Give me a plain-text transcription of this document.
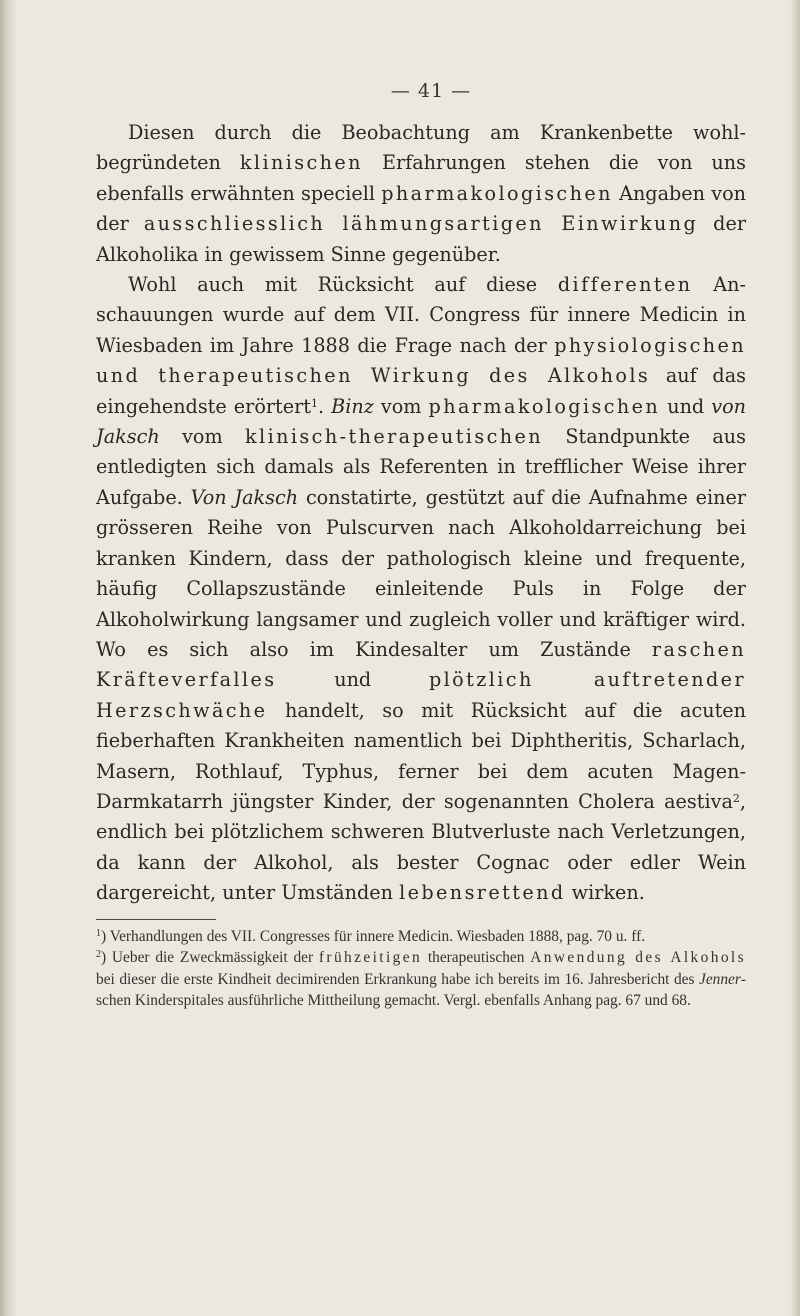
— 41 —

Diesen durch die Beobachtung am Krankenbette wohlbegründeten klinischen Erfahrungen stehen die von uns ebenfalls erwähnten speciell pharmakologischen Angaben von der ausschliesslich lähmungsartigen Einwirkung der Alkoholika in gewissem Sinne gegenüber.

Wohl auch mit Rücksicht auf diese differenten Anschauungen wurde auf dem VII. Congress für innere Medicin in Wiesbaden im Jahre 1888 die Frage nach der physiologischen und therapeutischen Wirkung des Alkohols auf das eingehendste erörtert$^1$. Binz vom pharmakologischen und von Jaksch vom klinisch-therapeutischen Standpunkte aus entledigten sich damals als Referenten in trefflicher Weise ihrer Aufgabe. Von Jaksch constatirte, gestützt auf die Aufnahme einer grösseren Reihe von Pulscurven nach Alkoholdarreichung bei kranken Kindern, dass der pathologisch kleine und frequente, häufig Collapszustände einleitende Puls in Folge der Alkoholwirkung langsamer und zugleich voller und kräftiger wird. Wo es sich also im Kindesalter um Zustände raschen Kräfteverfalles und plötzlich auftretender Herzschwäche handelt, so mit Rücksicht auf die acuten fieberhaften Krankheiten namentlich bei Diphtheritis, Scharlach, Masern, Rothlauf, Typhus, ferner bei dem acuten Magen-Darmkatarrh jüngster Kinder, der sogenannten Cholera aestiva$^2$, endlich bei plötzlichem schweren Blutverluste nach Verletzungen, da kann der Alkohol, als bester Cognac oder edler Wein dargereicht, unter Umständen lebensrettend wirken.

$^1$) Verhandlungen des VII. Congresses für innere Medicin. Wiesbaden 1888, pag. 70 u. ff.

$^2$) Ueber die Zweckmässigkeit der frühzeitigen therapeutischen Anwendung des Alkohols bei dieser die erste Kindheit decimirenden Erkrankung habe ich bereits im 16. Jahresbericht des Jennerschen Kinderspitales ausführliche Mittheilung gemacht. Vergl. ebenfalls Anhang pag. 67 und 68.
